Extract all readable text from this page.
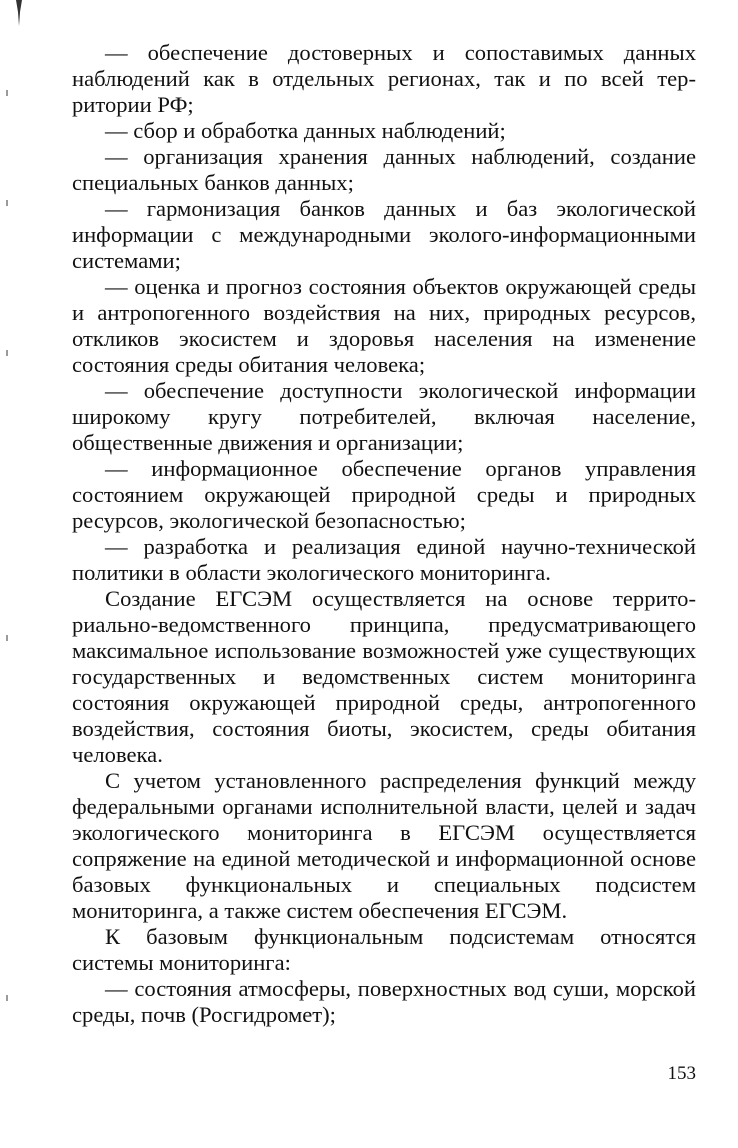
— обеспечение достоверных и сопоставимых данных наблюдений как в отдельных регионах, так и по всей территории РФ;

— сбор и обработка данных наблюдений;

— организация хранения данных наблюдений, создание специальных банков данных;

— гармонизация банков данных и баз экологической информации с международными эколого-информационными системами;

— оценка и прогноз состояния объектов окружающей среды и антропогенного воздействия на них, природных ресурсов, откликов экосистем и здоровья населения на изменение состояния среды обитания человека;

— обеспечение доступности экологической информации широкому кругу потребителей, включая население, общественные движения и организации;

— информационное обеспечение органов управления состоянием окружающей природной среды и природных ресурсов, экологической безопасностью;

— разработка и реализация единой научно-технической политики в области экологического мониторинга.

Создание ЕГСЭМ осуществляется на основе территориально-ведомственного принципа, предусматривающего максимальное использование возможностей уже существующих государственных и ведомственных систем мониторинга состояния окружающей природной среды, антропогенного воздействия, состояния биоты, экосистем, среды обитания человека.

С учетом установленного распределения функций между федеральными органами исполнительной власти, целей и задач экологического мониторинга в ЕГСЭМ осуществляется сопряжение на единой методической и информационной основе базовых функциональных и специальных подсистем мониторинга, а также систем обеспечения ЕГСЭМ.

К базовым функциональным подсистемам относятся системы мониторинга:

— состояния атмосферы, поверхностных вод суши, морской среды, почв (Росгидромет);

153
